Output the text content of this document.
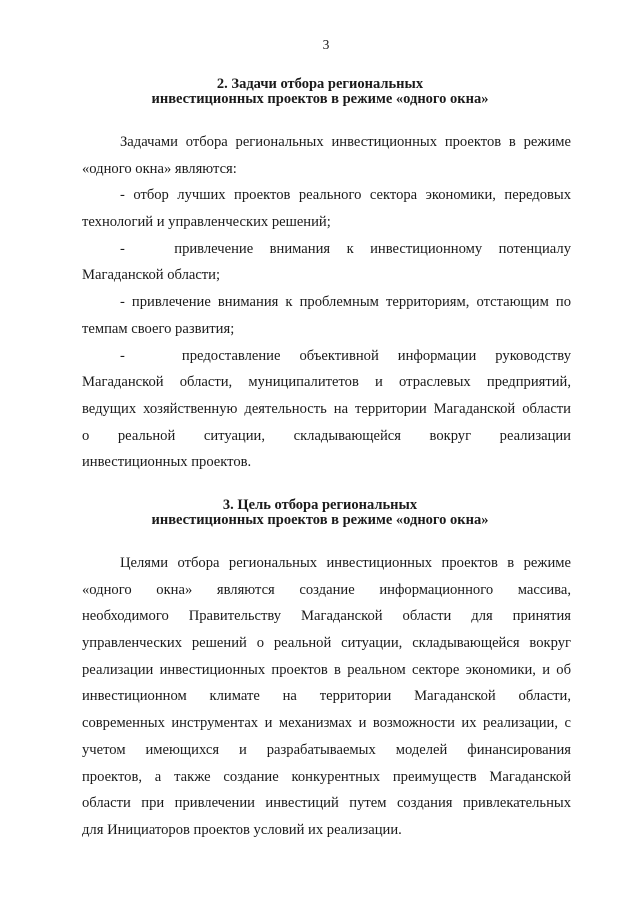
3
2. Задачи отбора региональных
инвестиционных проектов в режиме «одного окна»
Задачами отбора региональных инвестиционных проектов в режиме
«одного окна» являются:
- отбор лучших проектов реального сектора экономики, передовых
технологий и управленческих решений;
-   привлечение внимания к инвестиционному потенциалу
Магаданской области;
- привлечение внимания к проблемным территориям, отстающим по
темпам своего развития;
-   предоставление объективной информации руководству
Магаданской области, муниципалитетов и отраслевых предприятий,
ведущих хозяйственную деятельность на территории Магаданской области
о реальной ситуации, складывающейся вокруг реализации
инвестиционных проектов.
3. Цель отбора региональных
инвестиционных проектов в режиме «одного окна»
Целями отбора региональных инвестиционных проектов в режиме
«одного окна» являются создание информационного массива,
необходимого Правительству Магаданской области для принятия
управленческих решений о реальной ситуации, складывающейся вокруг
реализации инвестиционных проектов в реальном секторе экономики, и об
инвестиционном климате на территории Магаданской области,
современных инструментах и механизмах и возможности их реализации, с
учетом имеющихся и разрабатываемых моделей финансирования
проектов, а также создание конкурентных преимуществ Магаданской
области при привлечении инвестиций путем создания привлекательных
для Инициаторов проектов условий их реализации.
